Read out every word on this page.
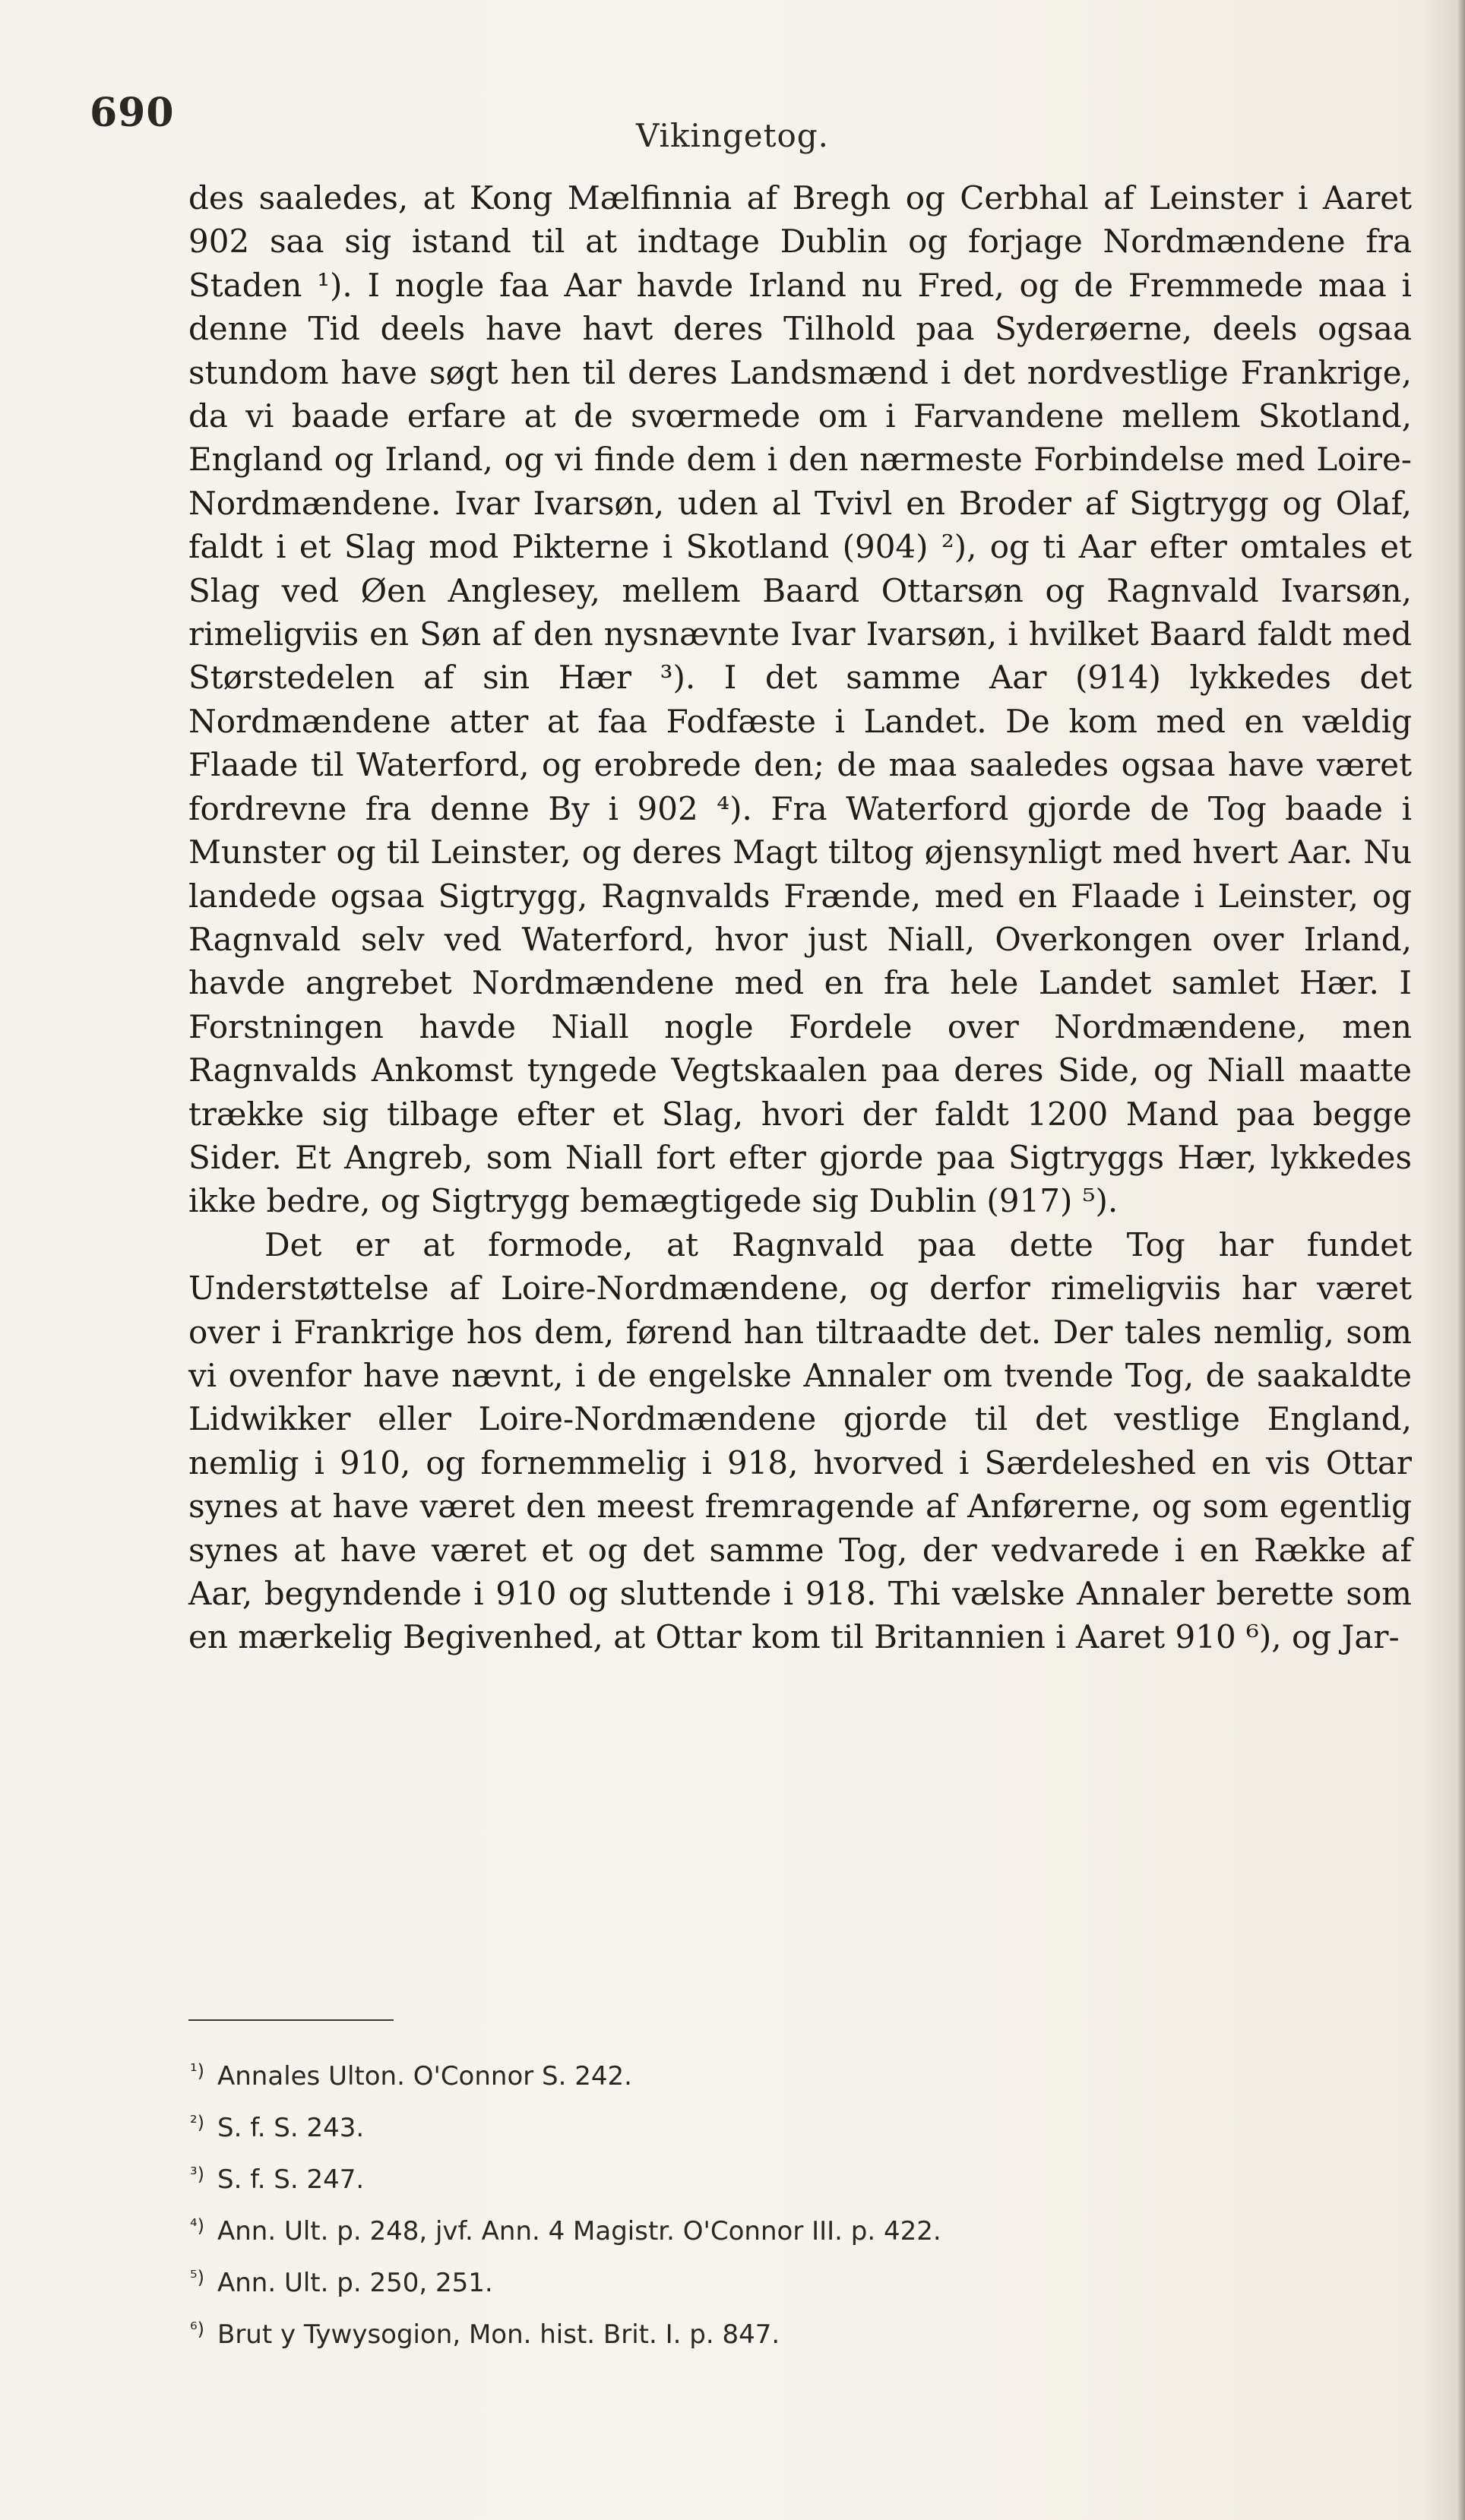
690	Vikingetog.

des saaledes, at Kong Mælfinnia af Bregh og Cerbhal af Leinster i Aaret 902 saa sig istand til at indtage Dublin og forjage Nordmændene fra Staden ¹). I nogle faa Aar havde Irland nu Fred, og de Fremmede maa i denne Tid deels have havt deres Tilhold paa Syderøerne, deels ogsaa stundom have søgt hen til deres Landsmænd i det nordvestlige Frankrige, da vi baade erfare at de svœrmede om i Farvandene mellem Skotland, England og Irland, og vi finde dem i den nærmeste Forbindelse med Loire-Nordmændene. Ivar Ivarsøn, uden al Tvivl en Broder af Sigtrygg og Olaf, faldt i et Slag mod Pikterne i Skotland (904) ²), og ti Aar efter omtales et Slag ved Øen Anglesey, mellem Baard Ottarsøn og Ragnvald Ivarsøn, rimeligviis en Søn af den nysnævnte Ivar Ivarsøn, i hvilket Baard faldt med Størstedelen af sin Hær ³). I det samme Aar (914) lykkedes det Nordmændene atter at faa Fodfæste i Landet. De kom med en vældig Flaade til Waterford, og erobrede den; de maa saaledes ogsaa have været fordrevne fra denne By i 902 ⁴). Fra Waterford gjorde de Tog baade i Munster og til Leinster, og deres Magt tiltog øjensynligt med hvert Aar. Nu landede ogsaa Sigtrygg, Ragnvalds Frænde, med en Flaade i Leinster, og Ragnvald selv ved Waterford, hvor just Niall, Overkongen over Irland, havde angrebet Nordmændene med en fra hele Landet samlet Hær. I Forstningen havde Niall nogle Fordele over Nordmændene, men Ragnvalds Ankomst tyngede Vegtskaalen paa deres Side, og Niall maatte trække sig tilbage efter et Slag, hvori der faldt 1200 Mand paa begge Sider. Et Angreb, som Niall fort efter gjorde paa Sigtryggs Hær, lykkedes ikke bedre, og Sigtrygg bemægtigede sig Dublin (917) ⁵).

Det er at formode, at Ragnvald paa dette Tog har fundet Understøttelse af Loire-Nordmændene, og derfor rimeligviis har været over i Frankrige hos dem, førend han tiltraadte det. Der tales nemlig, som vi ovenfor have nævnt, i de engelske Annaler om tvende Tog, de saakaldte Lidwikker eller Loire-Nordmændene gjorde til det vestlige England, nemlig i 910, og fornemmelig i 918, hvorved i Særdeleshed en vis Ottar synes at have været den meest fremragende af Anførerne, og som egentlig synes at have været et og det samme Tog, der vedvarede i en Række af Aar, begyndende i 910 og sluttende i 918. Thi vælske Annaler berette som en mærkelig Begivenhed, at Ottar kom til Britannien i Aaret 910 ⁶), og Jar-

¹) Annales Ulton. O'Connor S. 242.
²) S. f. S. 243.
³) S. f. S. 247.
⁴) Ann. Ult. p. 248, jvf. Ann. 4 Magistr. O'Connor III. p. 422.
⁵) Ann. Ult. p. 250, 251.
⁶) Brut y Tywysogion, Mon. hist. Brit. I. p. 847.
